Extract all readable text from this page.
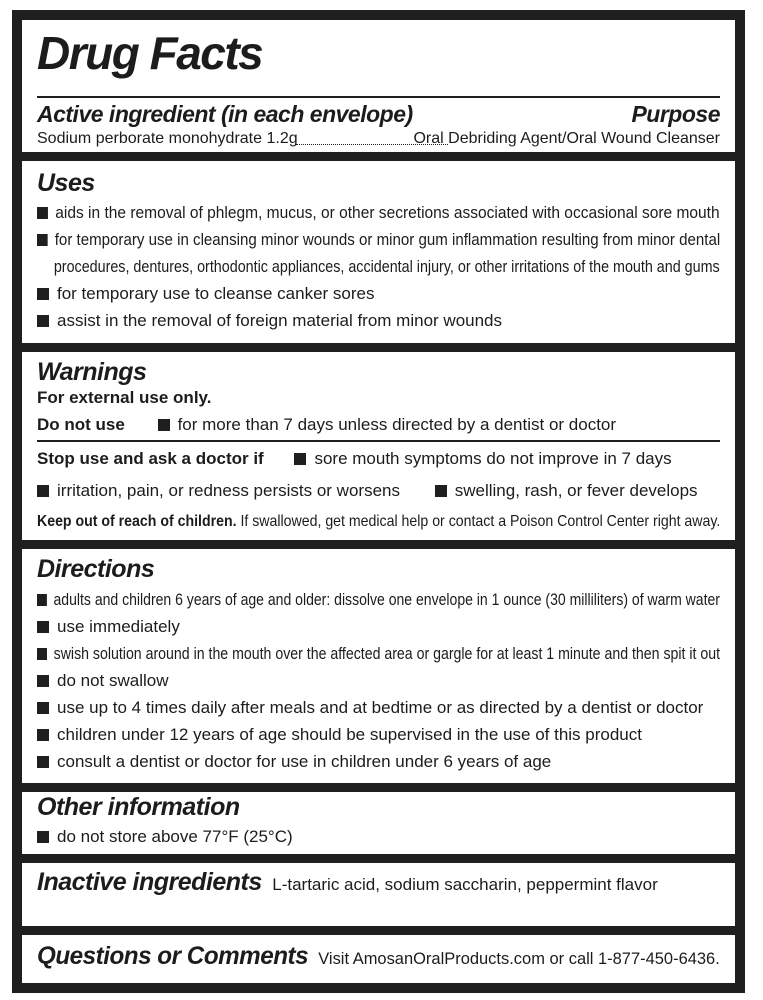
Drug Facts
Active ingredient (in each envelope)	Purpose
Sodium perborate monohydrate 1.2g	Oral Debriding Agent/Oral Wound Cleanser
Uses
aids in the removal of phlegm, mucus, or other secretions associated with occasional sore mouth
for temporary use in cleansing minor wounds or minor gum inflammation resulting from minor dental
procedures, dentures, orthodontic appliances, accidental injury, or other irritations of the mouth and gums
for temporary use to cleanse canker sores
assist in the removal of foreign material from minor wounds
Warnings
For external use only.
Do not use	for more than 7 days unless directed by a dentist or doctor
Stop use and ask a doctor if	sore mouth symptoms do not improve in 7 days
irritation, pain, or redness persists or worsens	swelling, rash, or fever develops
Keep out of reach of children. If swallowed, get medical help or contact a Poison Control Center right away.
Directions
adults and children 6 years of age and older: dissolve one envelope in 1 ounce (30 milliliters) of warm water
use immediately
swish solution around in the mouth over the affected area or gargle for at least 1 minute and then spit it out
do not swallow
use up to 4 times daily after meals and at bedtime or as directed by a dentist or doctor
children under 12 years of age should be supervised in the use of this product
consult a dentist or doctor for use in children under 6 years of age
Other information
do not store above 77°F (25°C)
Inactive ingredients L-tartaric acid, sodium saccharin, peppermint flavor
Questions or Comments Visit AmosanOralProducts.com or call 1-877-450-6436.
